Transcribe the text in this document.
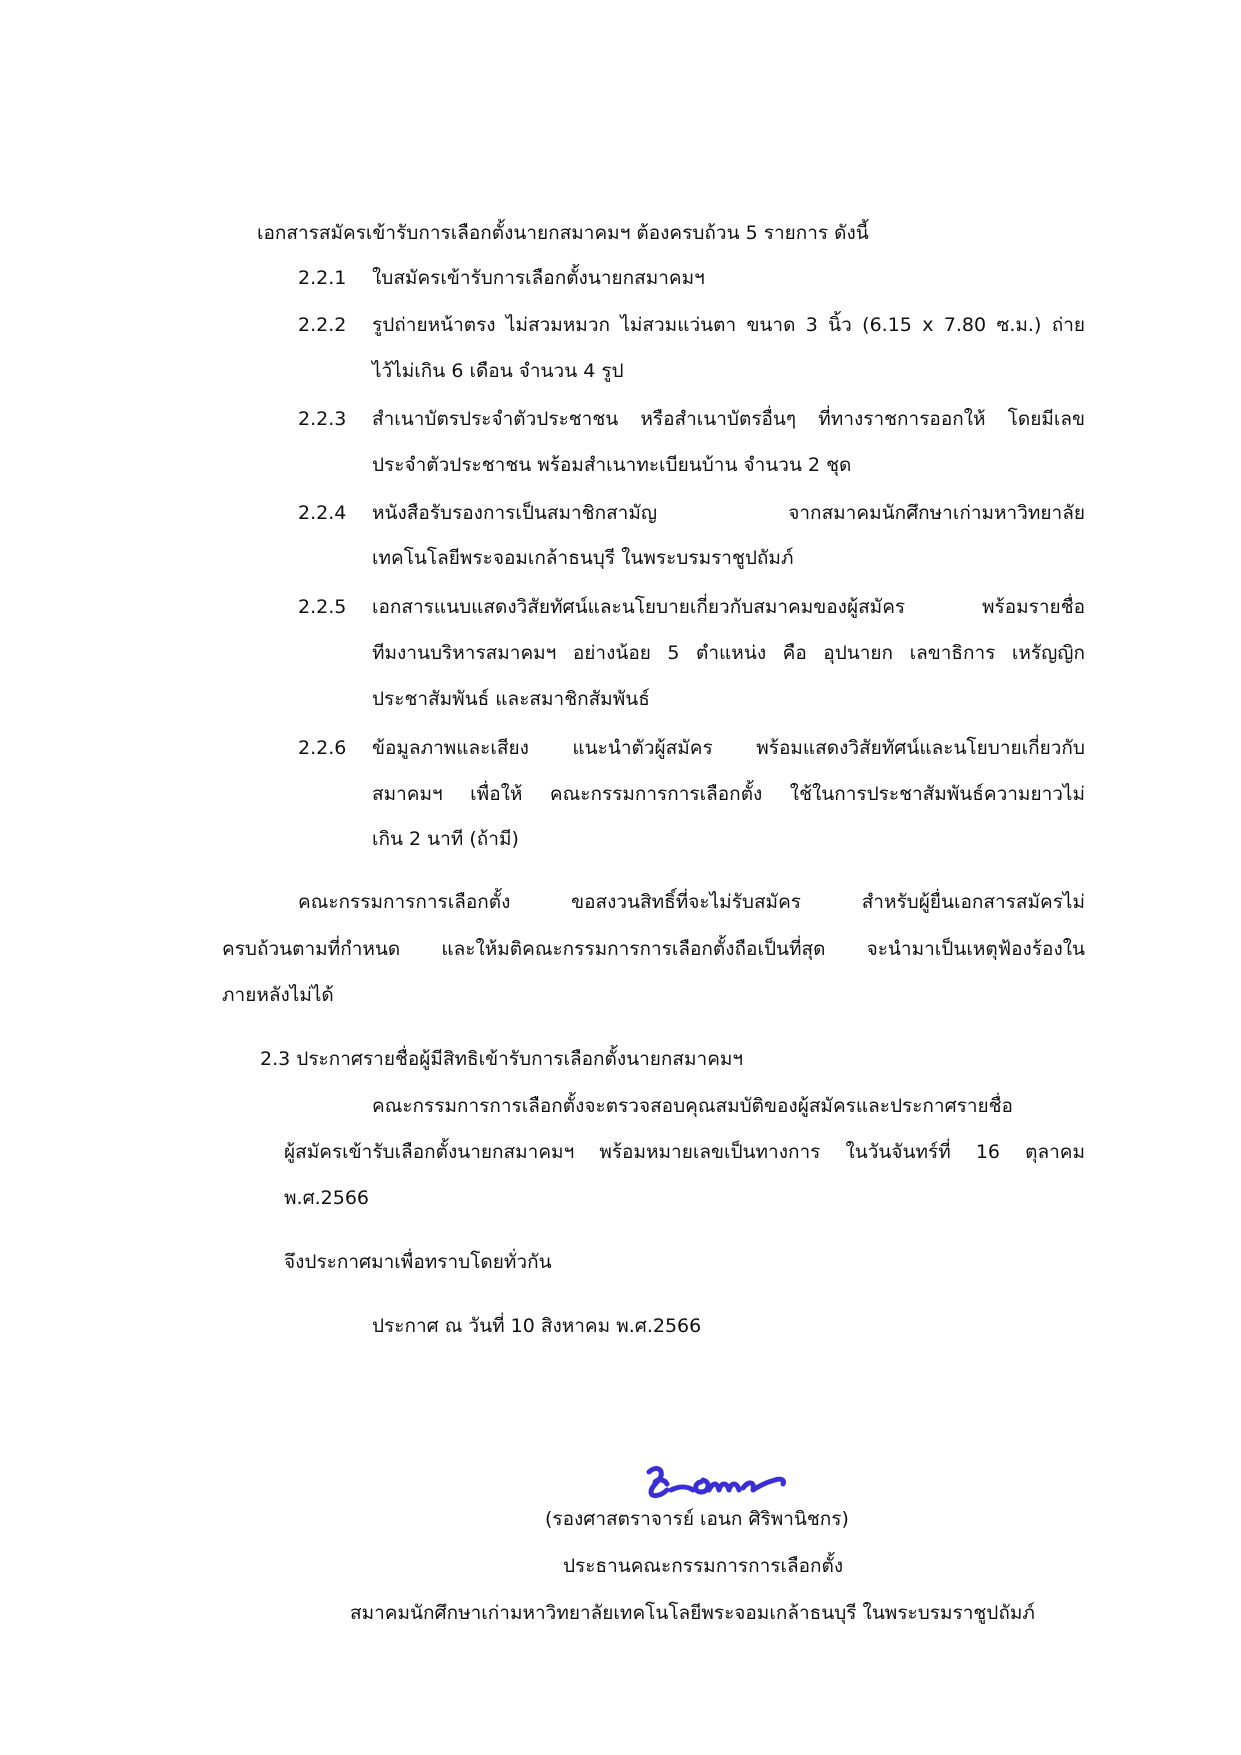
เอกสารสมัครเข้ารับการเลือกตั้งนายกสมาคมฯ ต้องครบถ้วน 5 รายการ ดังนี้
2.2.1 ใบสมัครเข้ารับการเลือกตั้งนายกสมาคมฯ
2.2.2 รูปถ่ายหน้าตรง ไม่สวมหมวก ไม่สวมแว่นตา ขนาด 3 นิ้ว (6.15 x 7.80 ซ.ม.) ถ่าย
ไว้ไม่เกิน 6 เดือน จำนวน 4 รูป
2.2.3 สำเนาบัตรประจำตัวประชาชน หรือสำเนาบัตรอื่นๆ ที่ทางราชการออกให้ โดยมีเลข
ประจำตัวประชาชน พร้อมสำเนาทะเบียนบ้าน จำนวน 2 ชุด
2.2.4 หนังสือรับรองการเป็นสมาชิกสามัญ จากสมาคมนักศึกษาเก่ามหาวิทยาลัย
เทคโนโลยีพระจอมเกล้าธนบุรี ในพระบรมราชูปถัมภ์
2.2.5 เอกสารแนบแสดงวิสัยทัศน์และนโยบายเกี่ยวกับสมาคมของผู้สมัคร พร้อมรายชื่อ
ทีมงานบริหารสมาคมฯ อย่างน้อย 5 ตำแหน่ง คือ อุปนายก เลขาธิการ เหรัญญิก
ประชาสัมพันธ์ และสมาชิกสัมพันธ์
2.2.6 ข้อมูลภาพและเสียง แนะนำตัวผู้สมัคร พร้อมแสดงวิสัยทัศน์และนโยบายเกี่ยวกับ
สมาคมฯ เพื่อให้ คณะกรรมการการเลือกตั้ง ใช้ในการประชาสัมพันธ์ความยาวไม่
เกิน 2 นาที (ถ้ามี)
คณะกรรมการการเลือกตั้ง ขอสงวนสิทธิ์ที่จะไม่รับสมัคร สำหรับผู้ยื่นเอกสารสมัครไม่
ครบถ้วนตามที่กำหนด และให้มติคณะกรรมการการเลือกตั้งถือเป็นที่สุด จะนำมาเป็นเหตุฟ้องร้องใน
ภายหลังไม่ได้
2.3 ประกาศรายชื่อผู้มีสิทธิเข้ารับการเลือกตั้งนายกสมาคมฯ
คณะกรรมการการเลือกตั้งจะตรวจสอบคุณสมบัติของผู้สมัครและประกาศรายชื่อ
ผู้สมัครเข้ารับเลือกตั้งนายกสมาคมฯ พร้อมหมายเลขเป็นทางการ ในวันจันทร์ที่ 16 ตุลาคม
พ.ศ.2566
จึงประกาศมาเพื่อทราบโดยทั่วกัน
ประกาศ ณ วันที่ 10 สิงหาคม พ.ศ.2566
(รองศาสตราจารย์ เอนก ศิริพานิชกร)
ประธานคณะกรรมการการเลือกตั้ง
สมาคมนักศึกษาเก่ามหาวิทยาลัยเทคโนโลยีพระจอมเกล้าธนบุรี ในพระบรมราชูปถัมภ์
